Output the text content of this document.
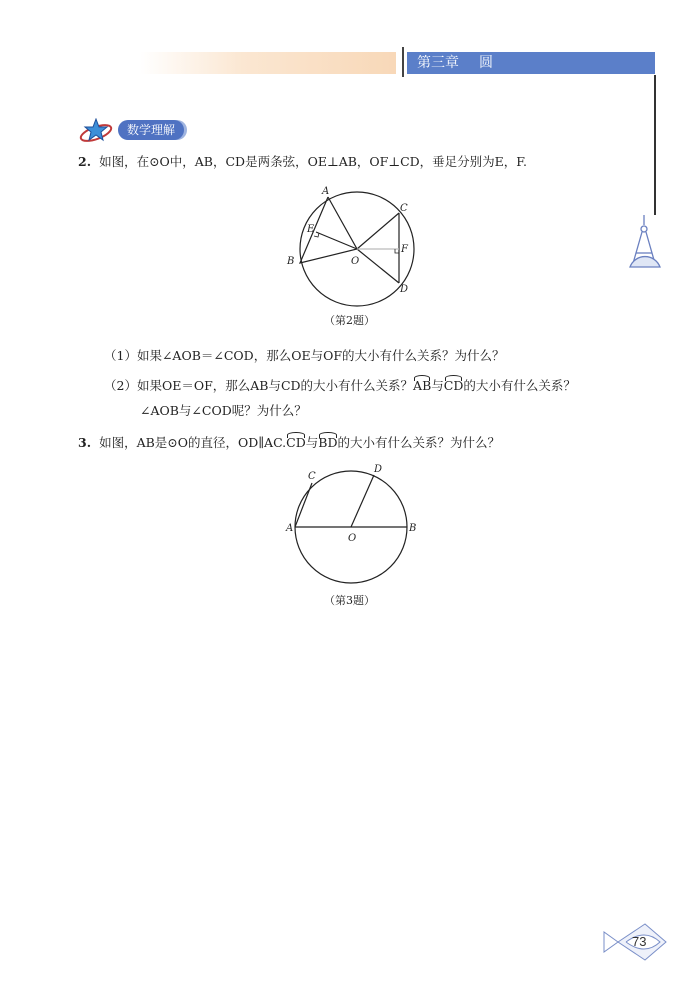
第三章 圆
数学理解
2. 如图，在⊙O中，AB，CD是两条弦，OE⊥AB，OF⊥CD，垂足分别为E，F.
A
B
C
D
E
F
O
（第2题）
（1）如果∠AOB＝∠COD，那么OE与OF的大小有什么关系？为什么？
（2）如果OE＝OF，那么AB与CD的大小有什么关系？AB与CD的大小有什么关系？
∠AOB与∠COD呢？为什么？
3. 如图，AB是⊙O的直径，OD∥AC.CD与BD的大小有什么关系？为什么？
A	B
C
D
O
（第3题）
73
